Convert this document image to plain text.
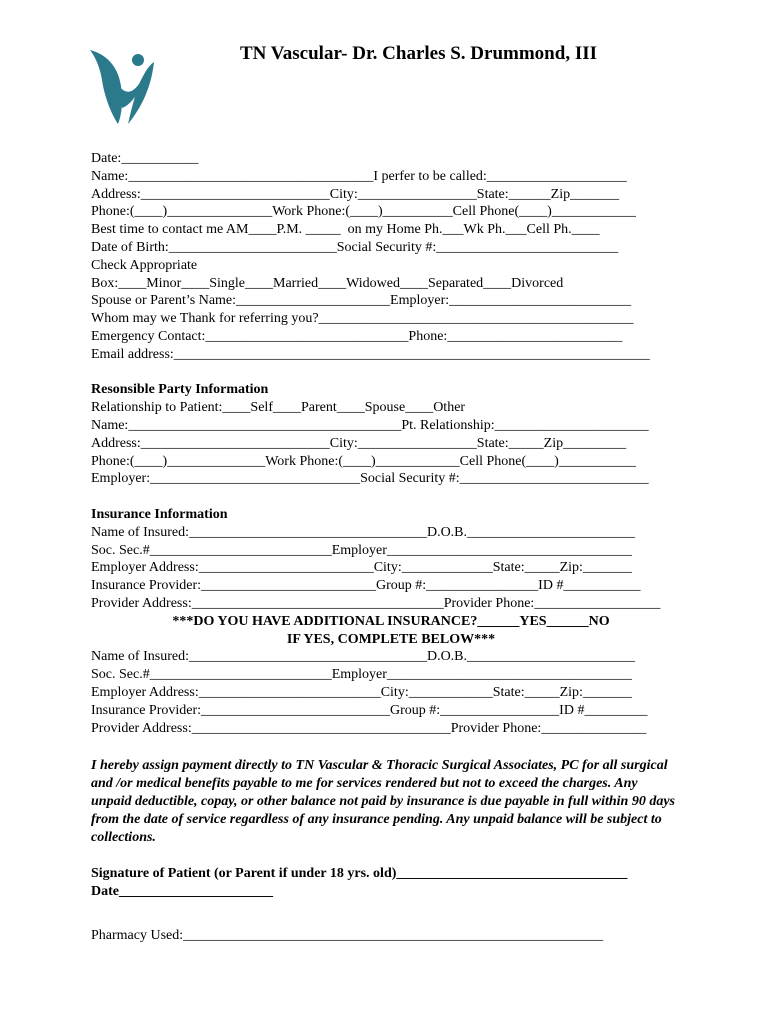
TN Vascular- Dr. Charles S. Drummond, III
Date:___________
Name:___________________________________I perfer to be called:____________________
Address:___________________________City:_________________State:______Zip_______
Phone:(____)_______________Work Phone:(____)__________Cell Phone(____)____________
Best time to contact me AM____P.M. _____  on my Home Ph.___Wk Ph.___Cell Ph.____
Date of Birth:________________________Social Security #:__________________________
Check Appropriate
Box:____Minor____Single____Married____Widowed____Separated____Divorced
Spouse or Parent’s Name:______________________Employer:__________________________
Whom may we Thank for referring you?_____________________________________________
Emergency Contact:_____________________________Phone:_________________________
Email address:____________________________________________________________________
Resonsible Party Information
Relationship to Patient:____Self____Parent____Spouse____Other
Name:_______________________________________Pt. Relationship:______________________
Address:___________________________City:_________________State:_____Zip_________
Phone:(____)______________Work Phone:(____)____________Cell Phone(____)___________
Employer:______________________________Social Security #:___________________________
Insurance Information
Name of Insured:__________________________________D.O.B.________________________
Soc. Sec.#__________________________Employer___________________________________
Employer Address:_________________________City:_____________State:_____Zip:_______
Insurance Provider:_________________________Group #:________________ID #___________
Provider Address:____________________________________Provider Phone:__________________
***DO YOU HAVE ADDITIONAL INSURANCE?______YES______NO
IF YES, COMPLETE BELOW***
Name of Insured:__________________________________D.O.B.________________________
Soc. Sec.#__________________________Employer___________________________________
Employer Address:__________________________City:____________State:_____Zip:_______
Insurance Provider:___________________________Group #:_________________ID #_________
Provider Address:_____________________________________Provider Phone:_______________

I hereby assign payment directly to TN Vascular & Thoracic Surgical Associates, PC for all surgical and /or medical benefits payable to me for services rendered but not to exceed the charges. Any unpaid deductible, copay, or other balance not paid by insurance is due payable in full within 90 days from the date of service regardless of any insurance pending. Any unpaid balance will be subject to collections.

Signature of Patient (or Parent if under 18 yrs. old)_________________________________
Date______________________
Pharmacy Used:____________________________________________________________
